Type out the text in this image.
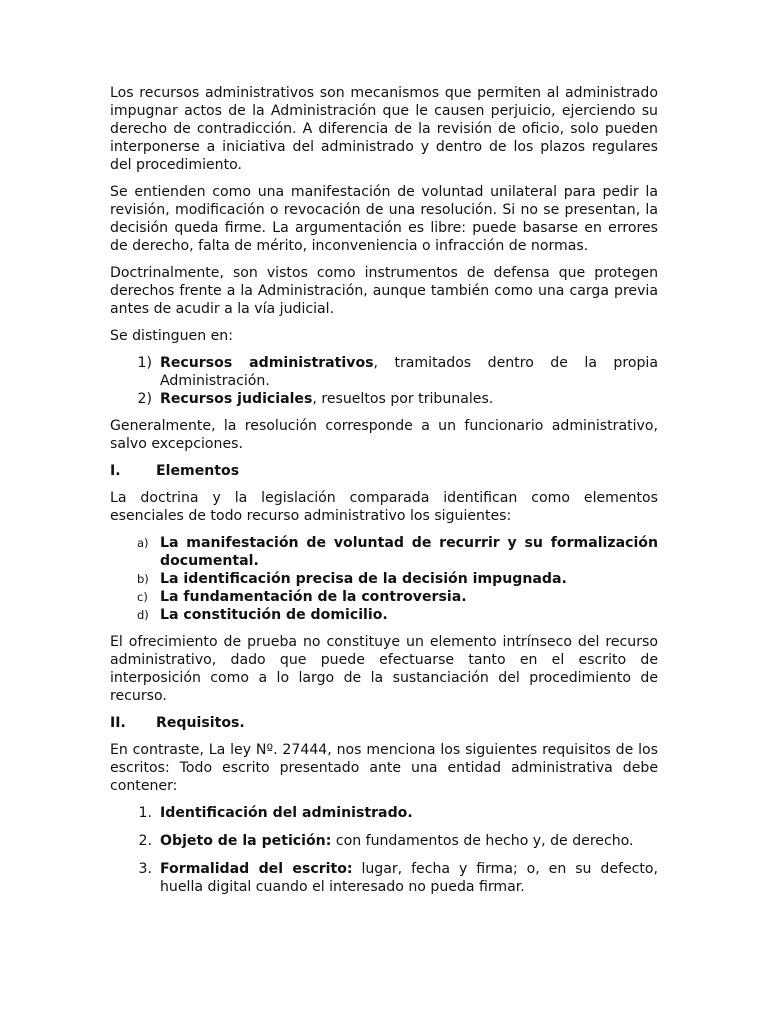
Los recursos administrativos son mecanismos que permiten al administrado impugnar actos de la Administración que le causen perjuicio, ejerciendo su derecho de contradicción. A diferencia de la revisión de oficio, solo pueden interponerse a iniciativa del administrado y dentro de los plazos regulares del procedimiento.

Se entienden como una manifestación de voluntad unilateral para pedir la revisión, modificación o revocación de una resolución. Si no se presentan, la decisión queda firme. La argumentación es libre: puede basarse en errores de derecho, falta de mérito, inconveniencia o infracción de normas.

Doctrinalmente, son vistos como instrumentos de defensa que protegen derechos frente a la Administración, aunque también como una carga previa antes de acudir a la vía judicial.

Se distinguen en:

1) Recursos administrativos, tramitados dentro de la propia Administración.
2) Recursos judiciales, resueltos por tribunales.

Generalmente, la resolución corresponde a un funcionario administrativo, salvo excepciones.

I.	Elementos

La doctrina y la legislación comparada identifican como elementos esenciales de todo recurso administrativo los siguientes:

a) La manifestación de voluntad de recurrir y su formalización documental.
b) La identificación precisa de la decisión impugnada.
c) La fundamentación de la controversia.
d) La constitución de domicilio.

El ofrecimiento de prueba no constituye un elemento intrínseco del recurso administrativo, dado que puede efectuarse tanto en el escrito de interposición como a lo largo de la sustanciación del procedimiento de recurso.

II.	Requisitos.

En contraste, La ley Nº. 27444, nos menciona los siguientes requisitos de los escritos: Todo escrito presentado ante una entidad administrativa debe contener:

1. Identificación del administrado.
2. Objeto de la petición: con fundamentos de hecho y, de derecho.
3. Formalidad del escrito: lugar, fecha y firma; o, en su defecto, huella digital cuando el interesado no pueda firmar.
